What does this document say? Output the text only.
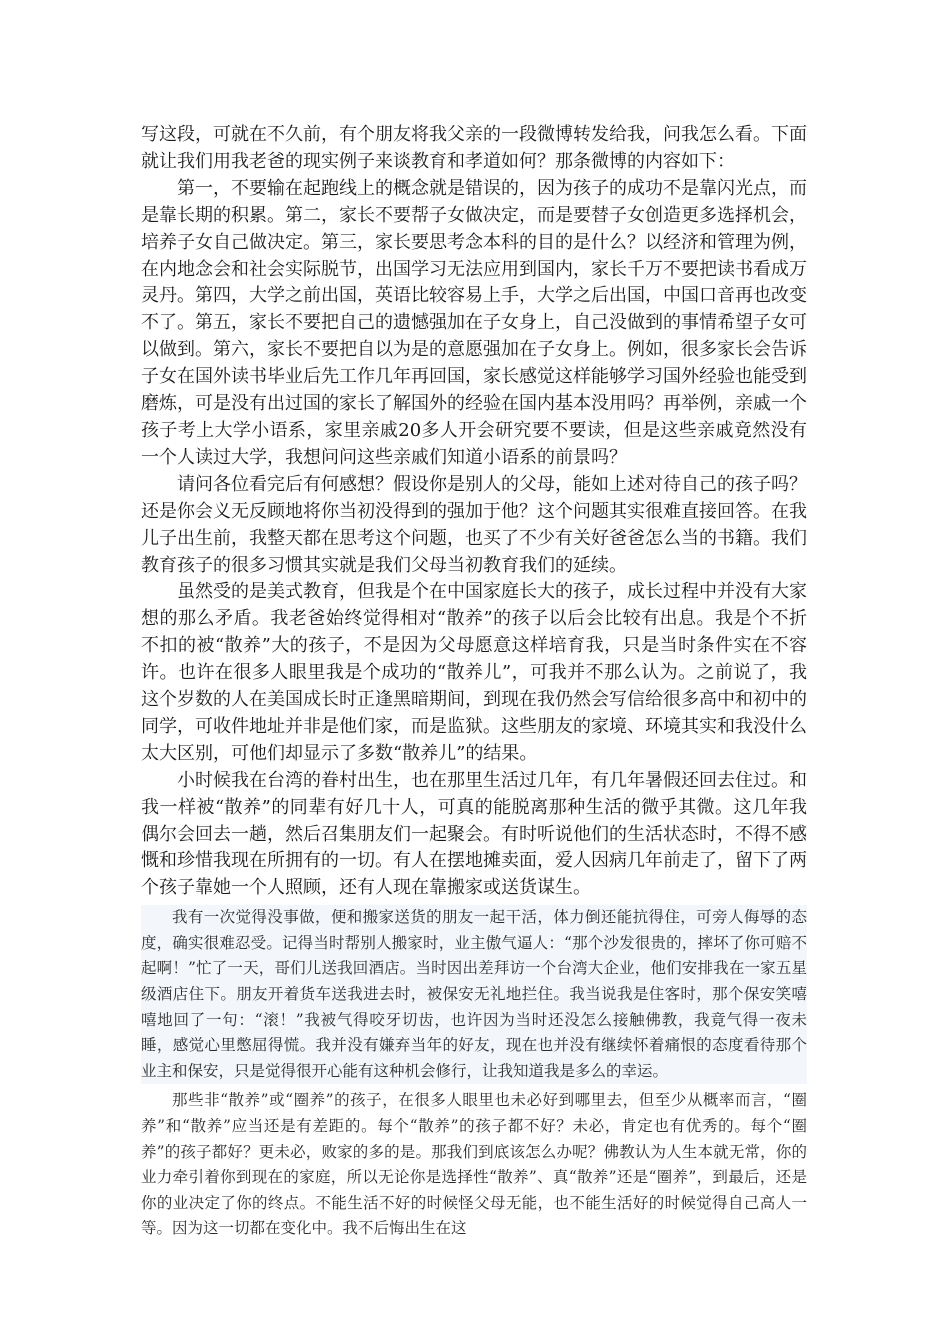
写这段，可就在不久前，有个朋友将我父亲的一段微博转发给我，问我怎么看。下面就让我们用我老爸的现实例子来谈教育和孝道如何？那条微博的内容如下：

第一，不要输在起跑线上的概念就是错误的，因为孩子的成功不是靠闪光点，而是靠长期的积累。第二，家长不要帮子女做决定，而是要替子女创造更多选择机会，培养子女自己做决定。第三，家长要思考念本科的目的是什么？以经济和管理为例，在内地念会和社会实际脱节，出国学习无法应用到国内，家长千万不要把读书看成万灵丹。第四，大学之前出国，英语比较容易上手，大学之后出国，中国口音再也改变不了。第五，家长不要把自己的遗憾强加在子女身上，自己没做到的事情希望子女可以做到。第六，家长不要把自以为是的意愿强加在子女身上。例如，很多家长会告诉子女在国外读书毕业后先工作几年再回国，家长感觉这样能够学习国外经验也能受到磨炼，可是没有出过国的家长了解国外的经验在国内基本没用吗？再举例，亲戚一个孩子考上大学小语系，家里亲戚20多人开会研究要不要读，但是这些亲戚竟然没有一个人读过大学，我想问问这些亲戚们知道小语系的前景吗？

请问各位看完后有何感想？假设你是别人的父母，能如上述对待自己的孩子吗？还是你会义无反顾地将你当初没得到的强加于他？这个问题其实很难直接回答。在我儿子出生前，我整天都在思考这个问题，也买了不少有关好爸爸怎么当的书籍。我们教育孩子的很多习惯其实就是我们父母当初教育我们的延续。

虽然受的是美式教育，但我是个在中国家庭长大的孩子，成长过程中并没有大家想的那么矛盾。我老爸始终觉得相对“散养”的孩子以后会比较有出息。我是个不折不扣的被“散养”大的孩子，不是因为父母愿意这样培育我，只是当时条件实在不容许。也许在很多人眼里我是个成功的“散养儿”，可我并不那么认为。之前说了，我这个岁数的人在美国成长时正逢黑暗期间，到现在我仍然会写信给很多高中和初中的同学，可收件地址并非是他们家，而是监狱。这些朋友的家境、环境其实和我没什么太大区别，可他们却显示了多数“散养儿”的结果。

小时候我在台湾的眷村出生，也在那里生活过几年，有几年暑假还回去住过。和我一样被“散养”的同辈有好几十人，可真的能脱离那种生活的微乎其微。这几年我偶尔会回去一趟，然后召集朋友们一起聚会。有时听说他们的生活状态时，不得不感慨和珍惜我现在所拥有的一切。有人在摆地摊卖面，爱人因病几年前走了，留下了两个孩子靠她一个人照顾，还有人现在靠搬家或送货谋生。

我有一次觉得没事做，便和搬家送货的朋友一起干活，体力倒还能抗得住，可旁人侮辱的态度，确实很难忍受。记得当时帮别人搬家时，业主傲气逼人：“那个沙发很贵的，摔坏了你可赔不起啊！”忙了一天，哥们儿送我回酒店。当时因出差拜访一个台湾大企业，他们安排我在一家五星级酒店住下。朋友开着货车送我进去时，被保安无礼地拦住。我当说我是住客时，那个保安笑嘻嘻地回了一句：“滚！”我被气得咬牙切齿，也许因为当时还没怎么接触佛教，我竟气得一夜未睡，感觉心里憋屈得慌。我并没有嫌弃当年的好友，现在也并没有继续怀着痛恨的态度看待那个业主和保安，只是觉得很开心能有这种机会修行，让我知道我是多么的幸运。

那些非“散养”或“圈养”的孩子，在很多人眼里也未必好到哪里去，但至少从概率而言，“圈养”和“散养”应当还是有差距的。每个“散养”的孩子都不好？未必，肯定也有优秀的。每个“圈养”的孩子都好？更未必，败家的多的是。那我们到底该怎么办呢？佛教认为人生本就无常，你的业力牵引着你到现在的家庭，所以无论你是选择性“散养”、真“散养”还是“圈养”，到最后，还是你的业决定了你的终点。不能生活不好的时候怪父母无能，也不能生活好的时候觉得自己高人一等。因为这一切都在变化中。我不后悔出生在这
